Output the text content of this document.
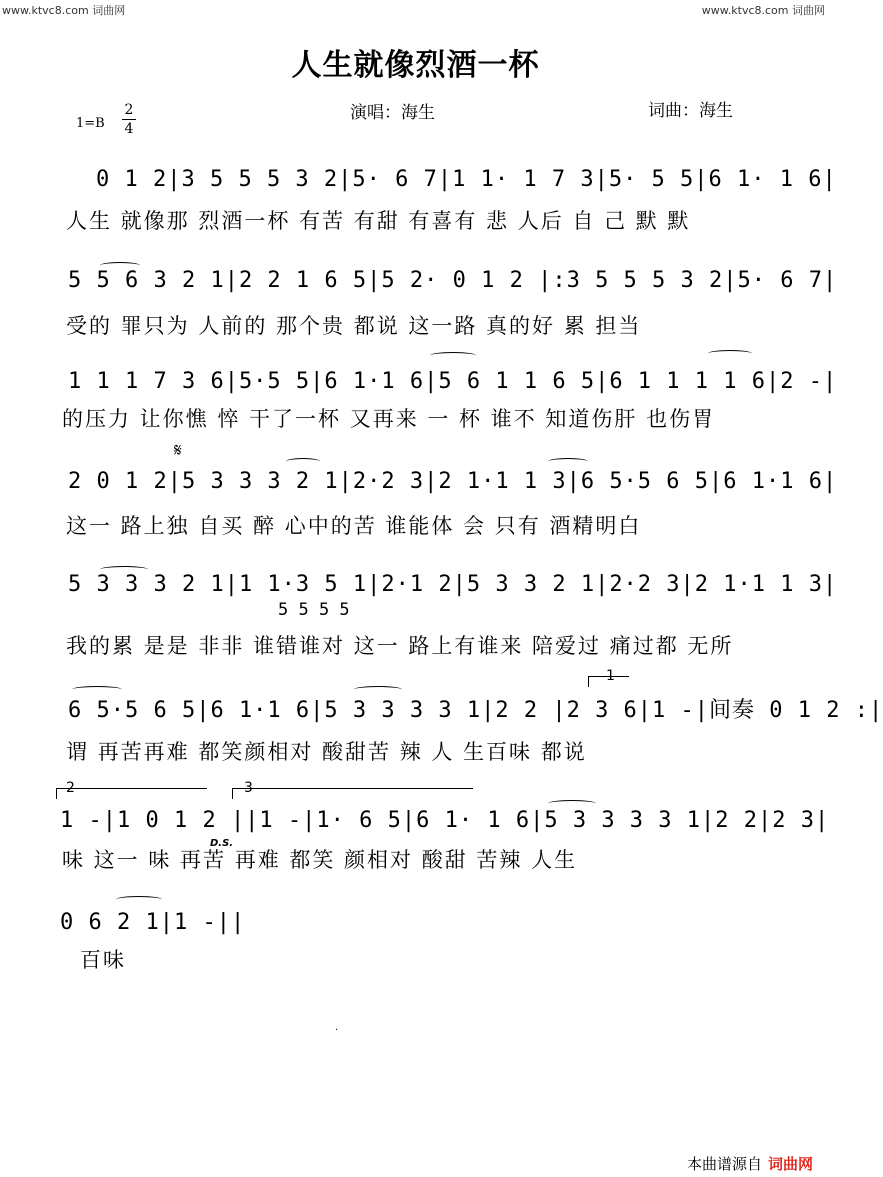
www.ktvc8.com 词曲网	www.ktvc8.com 词曲网
人生就像烈酒一杯
1=B
2
4
演唱：海生	词曲：海生
0 1 2|3 5 5 5 3 2|5· 6 7|1 1· 1 7 3|5· 5 5|6 1· 1 6|
人生 就像那 烈酒一杯 有苦 有甜 有喜有 悲 人后 自 己 默 默
5 5 6 3 2 1|2 2 1 6 5|5 2· 0 1 2 |:3 5 5 5 3 2|5· 6 7|
受的 罪只为 人前的 那个贵 都说 这一路 真的好 累 担当
1 1 1 7 3 6|5·5 5|6 1·1 6|5 6 1 1 6 5|6 1 1 1 1 6|2 -|
的压力 让你憔 悴 干了一杯 又再来 一 杯 谁不 知道伤肝 也伤胃
𝄋
2 0 1 2|5 3 3 3 2 1|2·2 3|2 1·1 1 3|6 5·5 6 5|6 1·1 6|
这一 路上独 自买 醉 心中的苦 谁能体 会 只有 酒精明白
5 3 3 3 2 1|1 1·3 5 1|2·1 2|5 3 3 2 1|2·2 3|2 1·1 1 3|
5 5 5 5
我的累 是是 非非 谁错谁对 这一 路上有谁来 陪爱过 痛过都 无所
1
6 5·5 6 5|6 1·1 6|5 3 3 3 3 1|2 2 |2 3 6|1 -|间奏 0 1 2 :|
谓 再苦再难 都笑颜相对 酸甜苦 辣 人 生百味 都说
2	3
1 -|1 0 1 2 ||1 -|1· 6 5|6 1· 1 6|5 3 3 3 3 1|2 2|2 3|
D.S.
味 这一 味 再苦 再难 都笑 颜相对 酸甜 苦辣 人生
0 6 2 1|1 -||
百味
.
本曲谱源自 词曲网
